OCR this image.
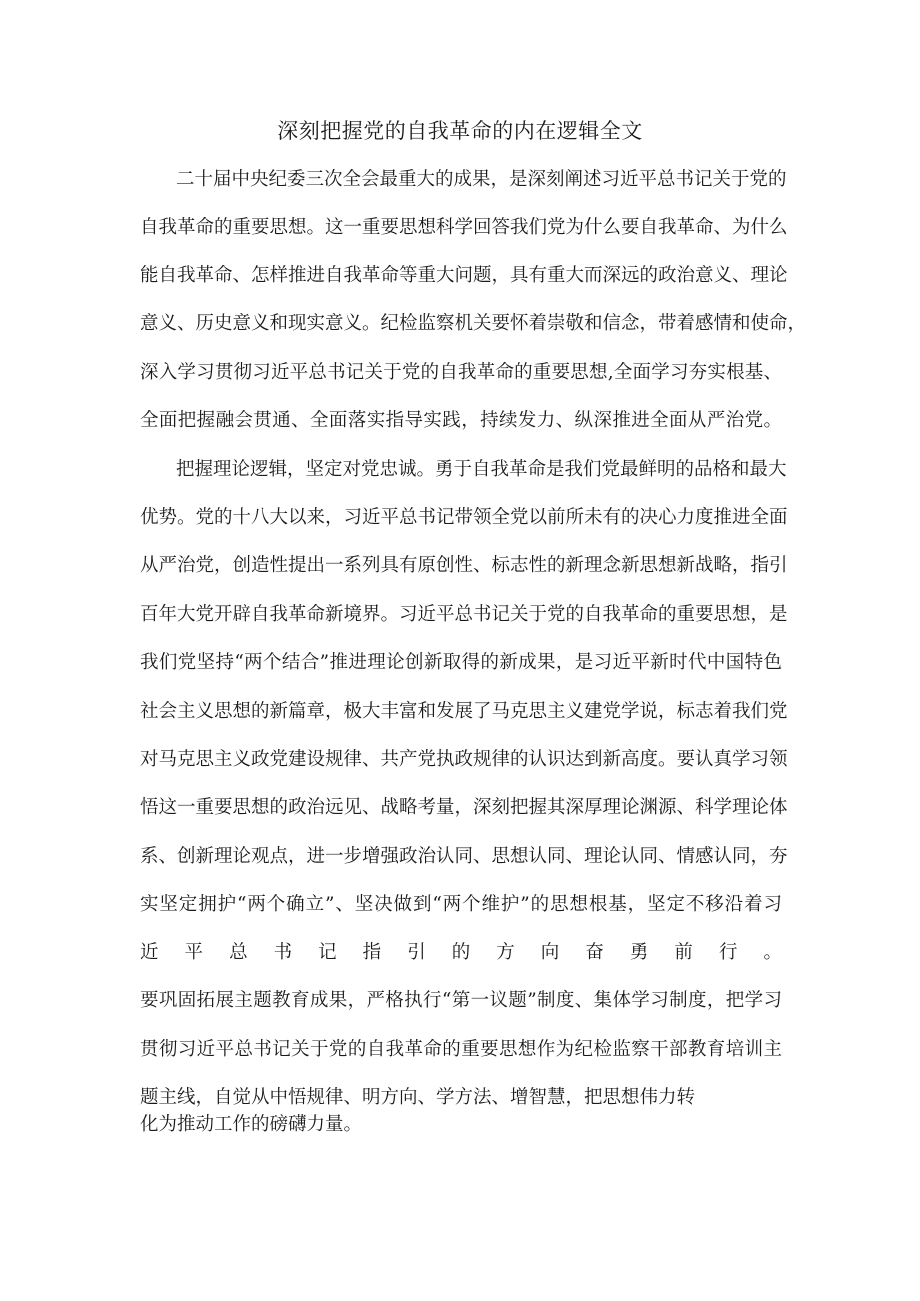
深刻把握党的自我革命的内在逻辑全文

二十届中央纪委三次全会最重大的成果，是深刻阐述习近平总书记关于党的

自我革命的重要思想。这一重要思想科学回答我们党为什么要自我革命、为什么

能自我革命、怎样推进自我革命等重大问题，具有重大而深远的政治意义、理论

意义、历史意义和现实意义。纪检监察机关要怀着崇敬和信念，带着感情和使命，

深入学习贯彻习近平总书记关于党的自我革命的重要思想,全面学习夯实根基、

全面把握融会贯通、全面落实指导实践，持续发力、纵深推进全面从严治党。

把握理论逻辑，坚定对党忠诚。勇于自我革命是我们党最鲜明的品格和最大

优势。党的十八大以来，习近平总书记带领全党以前所未有的决心力度推进全面

从严治党，创造性提出一系列具有原创性、标志性的新理念新思想新战略，指引

百年大党开辟自我革命新境界。习近平总书记关于党的自我革命的重要思想，是

我们党坚持“两个结合”推进理论创新取得的新成果，是习近平新时代中国特色

社会主义思想的新篇章，极大丰富和发展了马克思主义建党学说，标志着我们党

对马克思主义政党建设规律、共产党执政规律的认识达到新高度。要认真学习领

悟这一重要思想的政治远见、战略考量，深刻把握其深厚理论渊源、科学理论体

系、创新理论观点，进一步增强政治认同、思想认同、理论认同、情感认同，夯

实坚定拥护“两个确立”、坚决做到“两个维护”的思想根基，坚定不移沿着习

近平总书记指引的方向奋勇前行。

要巩固拓展主题教育成果，严格执行“第一议题”制度、集体学习制度，把学习

贯彻习近平总书记关于党的自我革命的重要思想作为纪检监察干部教育培训主

题主线，自觉从中悟规律、明方向、学方法、增智慧，把思想伟力转

化为推动工作的磅礴力量。
